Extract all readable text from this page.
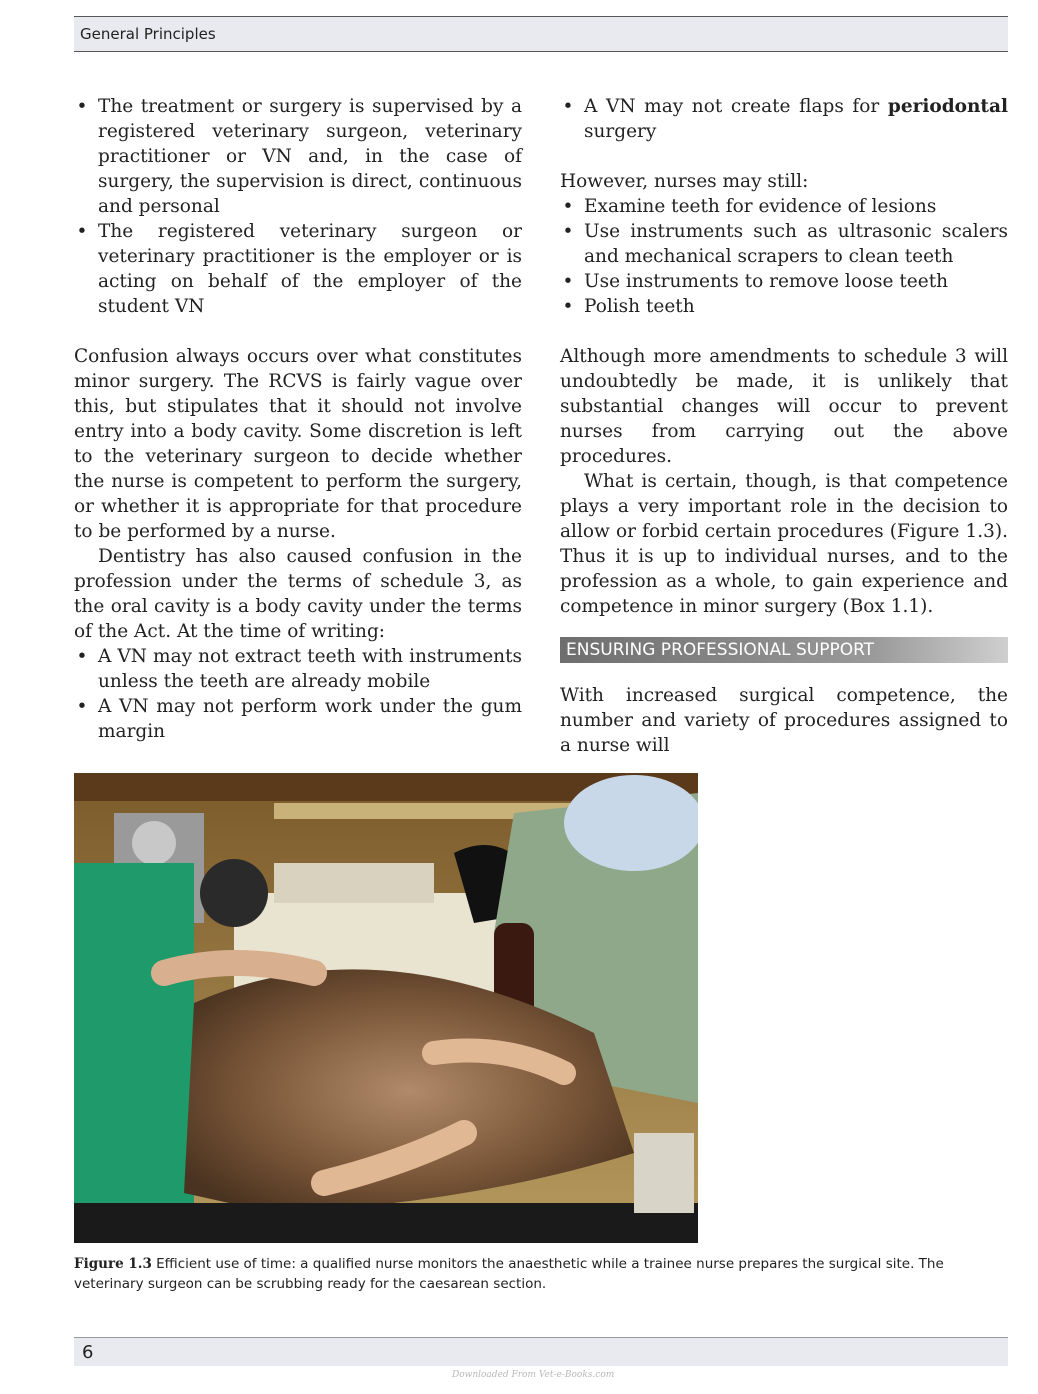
General Principles
• The treatment or surgery is supervised by a registered veterinary surgeon, veterinary practitioner or VN and, in the case of surgery, the supervision is direct, continuous and personal
• The registered veterinary surgeon or veterinary practitioner is the employer or is acting on behalf of the employer of the student VN

Confusion always occurs over what constitutes minor surgery. The RCVS is fairly vague over this, but stipulates that it should not involve entry into a body cavity. Some discretion is left to the veterinary surgeon to decide whether the nurse is competent to perform the surgery, or whether it is appropriate for that procedure to be performed by a nurse.

Dentistry has also caused confusion in the profession under the terms of schedule 3, as the oral cavity is a body cavity under the terms of the Act. At the time of writing:

• A VN may not extract teeth with instruments unless the teeth are already mobile
• A VN may not perform work under the gum margin
• A VN may not create flaps for periodontal surgery

However, nurses may still:

• Examine teeth for evidence of lesions
• Use instruments such as ultrasonic scalers and mechanical scrapers to clean teeth
• Use instruments to remove loose teeth
• Polish teeth

Although more amendments to schedule 3 will undoubtedly be made, it is unlikely that substantial changes will occur to prevent nurses from carrying out the above procedures.

What is certain, though, is that competence plays a very important role in the decision to allow or forbid certain procedures (Figure 1.3). Thus it is up to individual nurses, and to the profession as a whole, to gain experience and competence in minor surgery (Box 1.1).

ENSURING PROFESSIONAL SUPPORT

With increased surgical competence, the number and variety of procedures assigned to a nurse will

Figure 1.3 Efficient use of time: a qualified nurse monitors the anaesthetic while a trainee nurse prepares the surgical site. The veterinary surgeon can be scrubbing ready for the caesarean section.
6
Downloaded From Vet-e-Books.com
